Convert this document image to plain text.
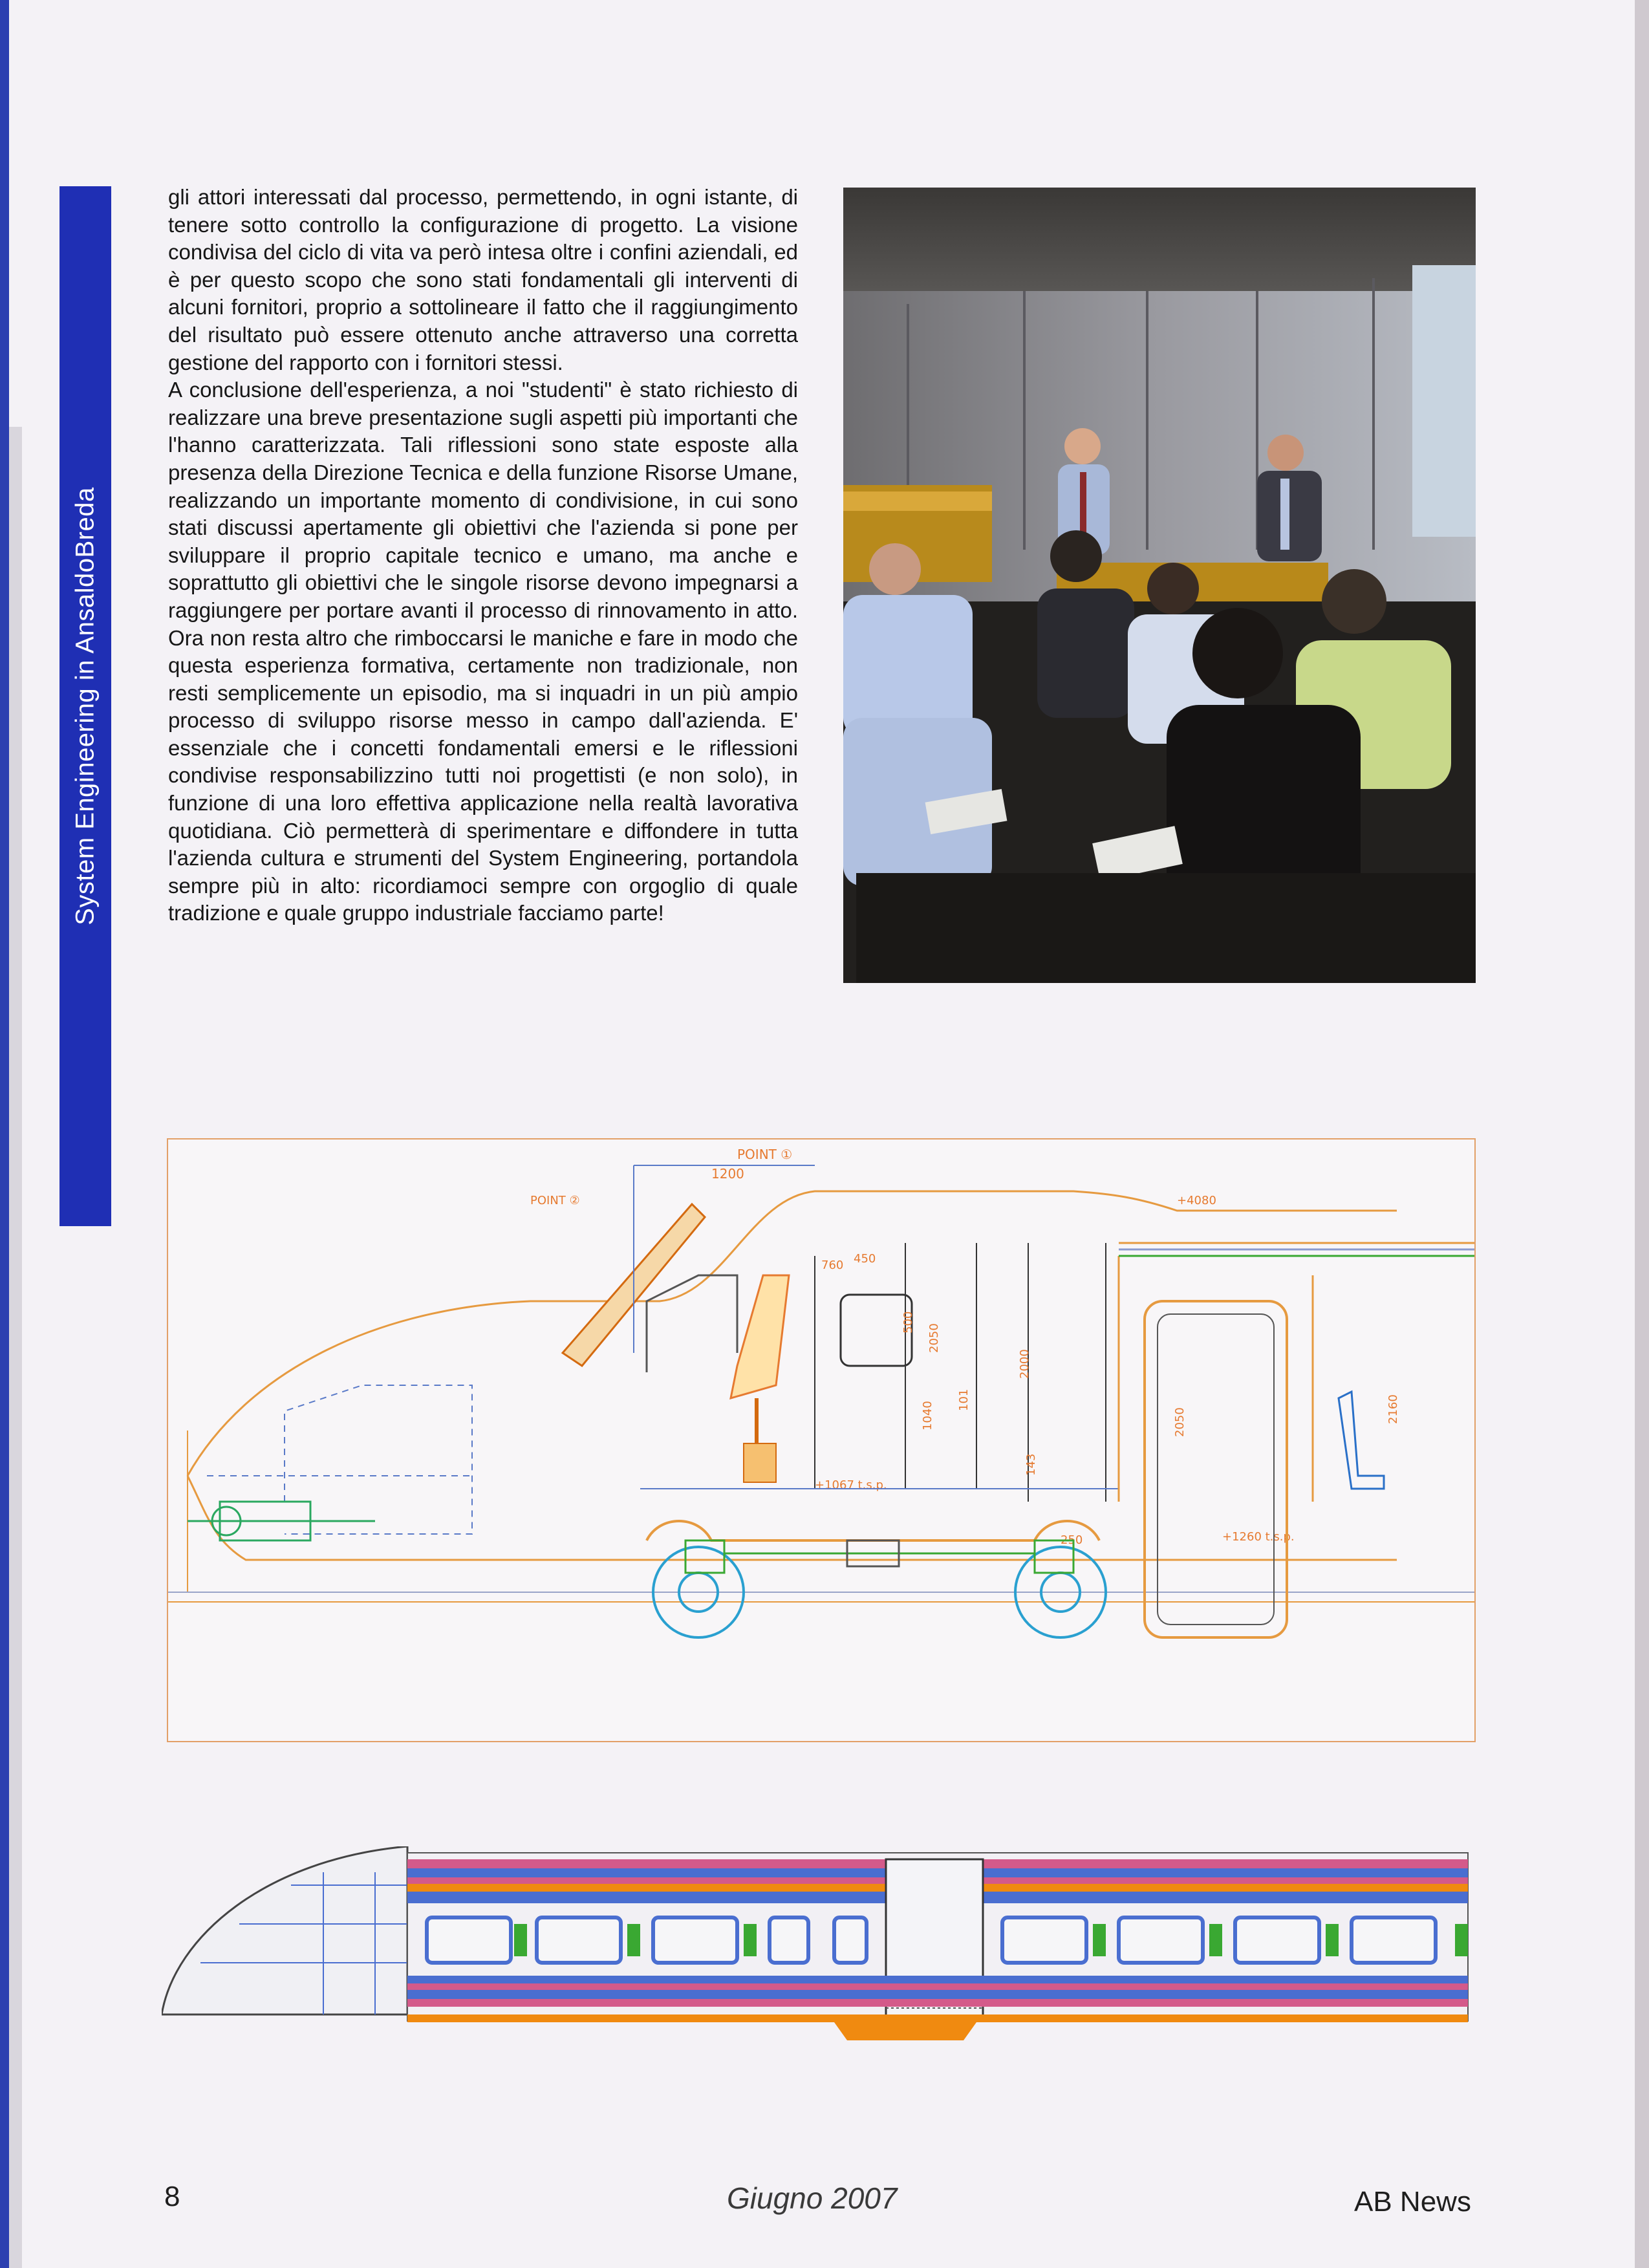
System Engineering in AnsaldoBreda

gli attori interessati dal processo, permettendo, in ogni istante, di tenere sotto controllo la configurazione di progetto. La visione condivisa del ciclo di vita va però intesa oltre i confini aziendali, ed è per questo scopo che sono stati fondamentali gli interventi di alcuni fornitori, proprio a sottolineare il fatto che il raggiungimento del risultato può essere ottenuto anche attraverso una corretta gestione del rapporto con i fornitori stessi.

A conclusione dell'esperienza, a noi "studenti" è stato richiesto di realizzare una breve presentazione sugli aspetti più importanti che l'hanno caratterizzata. Tali riflessioni sono state esposte alla presenza della Direzione Tecnica e della funzione Risorse Umane, realizzando un importante momento di condivisione, in cui sono stati discussi apertamente gli obiettivi che l'azienda si pone per sviluppare il proprio capitale tecnico e umano, ma anche e soprattutto gli obiettivi che le singole risorse devono impegnarsi a raggiungere per portare avanti il processo di rinnovamento in atto. Ora non resta altro che rimboccarsi le maniche e fare in modo che questa esperienza formativa, certamente non tradizionale, non resti semplicemente un episodio, ma si inquadri in un più ampio processo di sviluppo risorse messo in campo dall'azienda. E' essenziale che i concetti fondamentali emersi e le riflessioni condivise responsabilizzino tutti noi progettisti (e non solo), in funzione di una loro effettiva applicazione nella realtà lavorativa quotidiana. Ciò permetterà di sperimentare e diffondere in tutta l'azienda cultura e strumenti del System Engineering, portandola sempre più in alto: ricordiamoci sempre con orgoglio di quale tradizione e quale gruppo industriale facciamo parte!

1200
POINT ①
POINT ②
760 450
500
2050
2000
1040
101
143
+4080
2050	2160
250
+1067 t.s.p.
+1260 t.s.p.
8	Giugno 2007	AB News
